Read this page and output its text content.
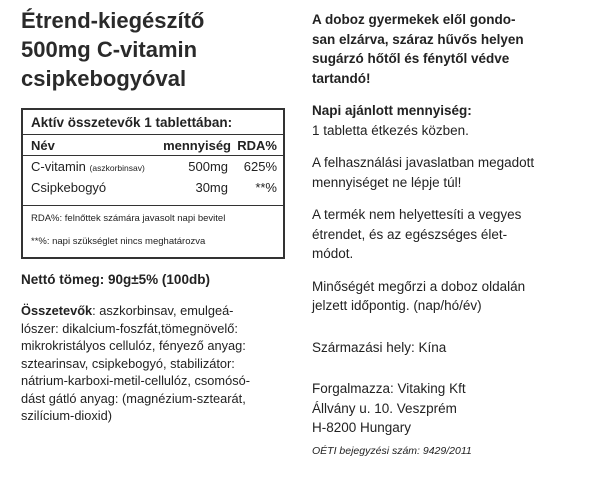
Étrend-kiegészítő
500mg C-vitamin
csipkebogyóval
Aktív összetevők 1 tablettában:
Név	mennyiség RDA%
C-vitamin (aszkorbinsav)	500mg	625%
Csipkebogyó	30mg	**%
RDA%: felnőttek számára javasolt napi bevitel
**%: napi szükséglet nincs meghatározva
Nettó tömeg: 90g±5% (100db)
Összetevők: aszkorbinsav, emulgeá-
lószer: dikalcium-foszfát,tömegnövelő:
mikrokristályos cellulóz, fényező anyag:
sztearinsav, csipkebogyó, stabilizátor:
nátrium-karboxi-metil-cellulóz, csomósó-
dást gátló anyag: (magnézium-sztearát,
szilícium-dioxid)
A doboz gyermekek elől gondo-
san elzárva, száraz hűvős helyen
sugárzó hőtől és fénytől védve
tartandó!
Napi ajánlott mennyiség:
1 tabletta étkezés közben.
A felhasználási javaslatban megadott
mennyiséget ne lépje túl!
A termék nem helyettesíti a vegyes
étrendet, és az egészséges élet-
módot.
Minőségét megőrzi a doboz oldalán
jelzett időpontig. (nap/hó/év)
Származási hely: Kína
Forgalmazza: Vitaking Kft
Állvány u. 10. Veszprém
H-8200 Hungary
OÉTI bejegyzési szám: 9429/2011
